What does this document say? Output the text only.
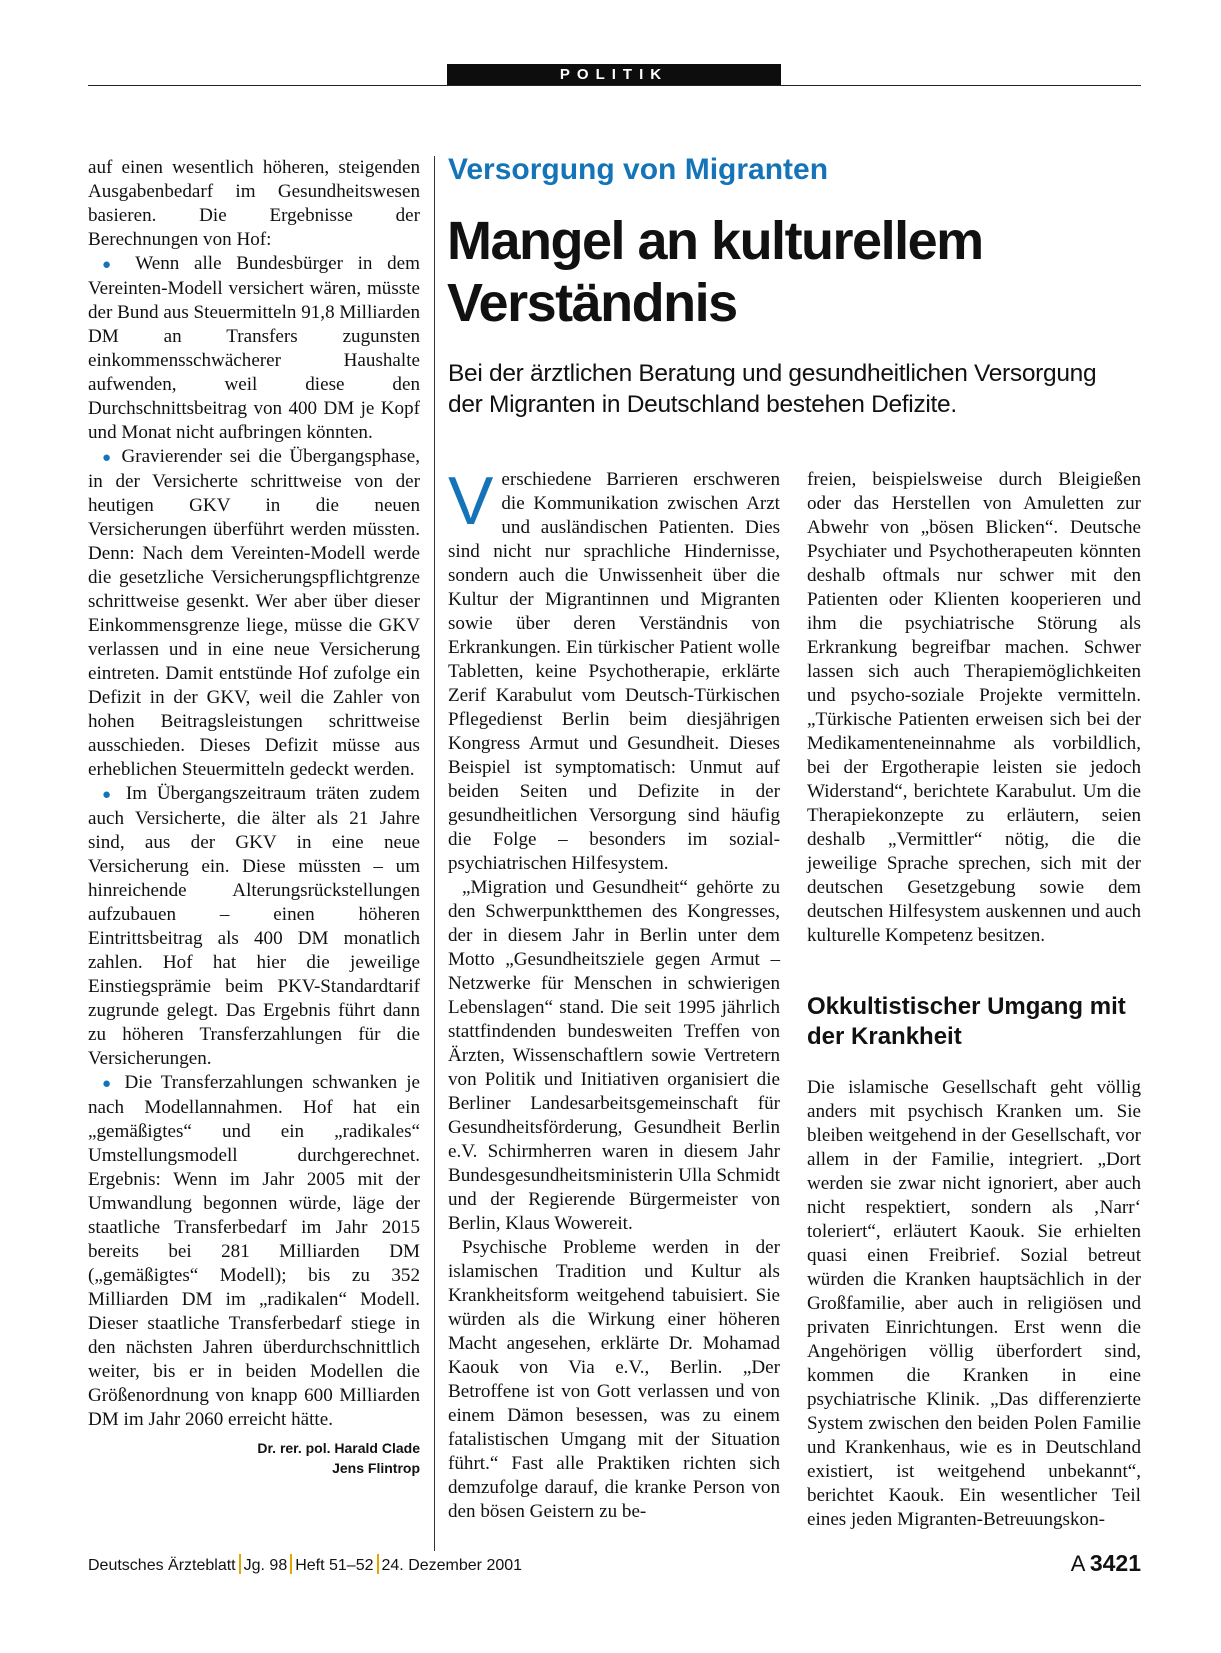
POLITIK

auf einen wesentlich höheren, steigenden Ausgabenbedarf im Gesundheitswesen basieren. Die Ergebnisse der Berechnungen von Hof:

● Wenn alle Bundesbürger in dem Vereinten-Modell versichert wären, müsste der Bund aus Steuermitteln 91,8 Milliarden DM an Transfers zugunsten einkommensschwächerer Haushalte aufwenden, weil diese den Durchschnittsbeitrag von 400 DM je Kopf und Monat nicht aufbringen könnten.

● Gravierender sei die Übergangsphase, in der Versicherte schrittweise von der heutigen GKV in die neuen Versicherungen überführt werden müssten. Denn: Nach dem Vereinten-Modell werde die gesetzliche Versicherungspflichtgrenze schrittweise gesenkt. Wer aber über dieser Einkommensgrenze liege, müsse die GKV verlassen und in eine neue Versicherung eintreten. Damit entstünde Hof zufolge ein Defizit in der GKV, weil die Zahler von hohen Beitragsleistungen schrittweise ausschieden. Dieses Defizit müsse aus erheblichen Steuermitteln gedeckt werden.

● Im Übergangszeitraum träten zudem auch Versicherte, die älter als 21 Jahre sind, aus der GKV in eine neue Versicherung ein. Diese müssten – um hinreichende Alterungsrückstellungen aufzubauen – einen höheren Eintrittsbeitrag als 400 DM monatlich zahlen. Hof hat hier die jeweilige Einstiegsprämie beim PKV-Standardtarif zugrunde gelegt. Das Ergebnis führt dann zu höheren Transferzahlungen für die Versicherungen.

● Die Transferzahlungen schwanken je nach Modellannahmen. Hof hat ein „gemäßigtes“ und ein „radikales“ Umstellungsmodell durchgerechnet. Ergebnis: Wenn im Jahr 2005 mit der Umwandlung begonnen würde, läge der staatliche Transferbedarf im Jahr 2015 bereits bei 281 Milliarden DM („gemäßigtes“ Modell); bis zu 352 Milliarden DM im „radikalen“ Modell. Dieser staatliche Transferbedarf stiege in den nächsten Jahren überdurchschnittlich weiter, bis er in beiden Modellen die Größenordnung von knapp 600 Milliarden DM im Jahr 2060 erreicht hätte.

Dr. rer. pol. Harald Clade

Jens Flintrop

Versorgung von Migranten
Mangel an kulturellem
Verständnis
Bei der ärztlichen Beratung und gesundheitlichen Versorgung
der Migranten in Deutschland bestehen Defizite.

Verschiedene Barrieren erschweren die Kommunikation zwischen Arzt und ausländischen Patienten. Dies sind nicht nur sprachliche Hindernisse, sondern auch die Unwissenheit über die Kultur der Migrantinnen und Migranten sowie über deren Verständnis von Erkrankungen. Ein türkischer Patient wolle Tabletten, keine Psychotherapie, erklärte Zerif Karabulut vom Deutsch-Türkischen Pflegedienst Berlin beim diesjährigen Kongress Armut und Gesundheit. Dieses Beispiel ist symptomatisch: Unmut auf beiden Seiten und Defizite in der gesundheitlichen Versorgung sind häufig die Folge – besonders im sozial-psychiatrischen Hilfesystem.

„Migration und Gesundheit“ gehörte zu den Schwerpunktthemen des Kongresses, der in diesem Jahr in Berlin unter dem Motto „Gesundheitsziele gegen Armut – Netzwerke für Menschen in schwierigen Lebenslagen“ stand. Die seit 1995 jährlich stattfindenden bundesweiten Treffen von Ärzten, Wissenschaftlern sowie Vertretern von Politik und Initiativen organisiert die Berliner Landesarbeitsgemeinschaft für Gesundheitsförderung, Gesundheit Berlin e.V. Schirmherren waren in diesem Jahr Bundesgesundheitsministerin Ulla Schmidt und der Regierende Bürgermeister von Berlin, Klaus Wowereit.

Psychische Probleme werden in der islamischen Tradition und Kultur als Krankheitsform weitgehend tabuisiert. Sie würden als die Wirkung einer höheren Macht angesehen, erklärte Dr. Mohamad Kaouk von Via e.V., Berlin. „Der Betroffene ist von Gott verlassen und von einem Dämon besessen, was zu einem fatalistischen Umgang mit der Situation führt.“ Fast alle Praktiken richten sich demzufolge darauf, die kranke Person von den bösen Geistern zu be-

freien, beispielsweise durch Bleigießen oder das Herstellen von Amuletten zur Abwehr von „bösen Blicken“. Deutsche Psychiater und Psychotherapeuten könnten deshalb oftmals nur schwer mit den Patienten oder Klienten kooperieren und ihm die psychiatrische Störung als Erkrankung begreifbar machen. Schwer lassen sich auch Therapiemöglichkeiten und psycho-soziale Projekte vermitteln. „Türkische Patienten erweisen sich bei der Medikamenteneinnahme als vorbildlich, bei der Ergotherapie leisten sie jedoch Widerstand“, berichtete Karabulut. Um die Therapiekonzepte zu erläutern, seien deshalb „Vermittler“ nötig, die die jeweilige Sprache sprechen, sich mit der deutschen Gesetzgebung sowie dem deutschen Hilfesystem auskennen und auch kulturelle Kompetenz besitzen.

Okkultistischer Umgang mit der Krankheit

Die islamische Gesellschaft geht völlig anders mit psychisch Kranken um. Sie bleiben weitgehend in der Gesellschaft, vor allem in der Familie, integriert. „Dort werden sie zwar nicht ignoriert, aber auch nicht respektiert, sondern als ‚Narr‘ toleriert“, erläutert Kaouk. Sie erhielten quasi einen Freibrief. Sozial betreut würden die Kranken hauptsächlich in der Großfamilie, aber auch in religiösen und privaten Einrichtungen. Erst wenn die Angehörigen völlig überfordert sind, kommen die Kranken in eine psychiatrische Klinik. „Das differenzierte System zwischen den beiden Polen Familie und Krankenhaus, wie es in Deutschland existiert, ist weitgehend unbekannt“, berichtet Kaouk. Ein wesentlicher Teil eines jeden Migranten-Betreuungskon-

Deutsches Ärzteblatt Jg. 98 Heft 51–52 24. Dezember 2001	A 3421
